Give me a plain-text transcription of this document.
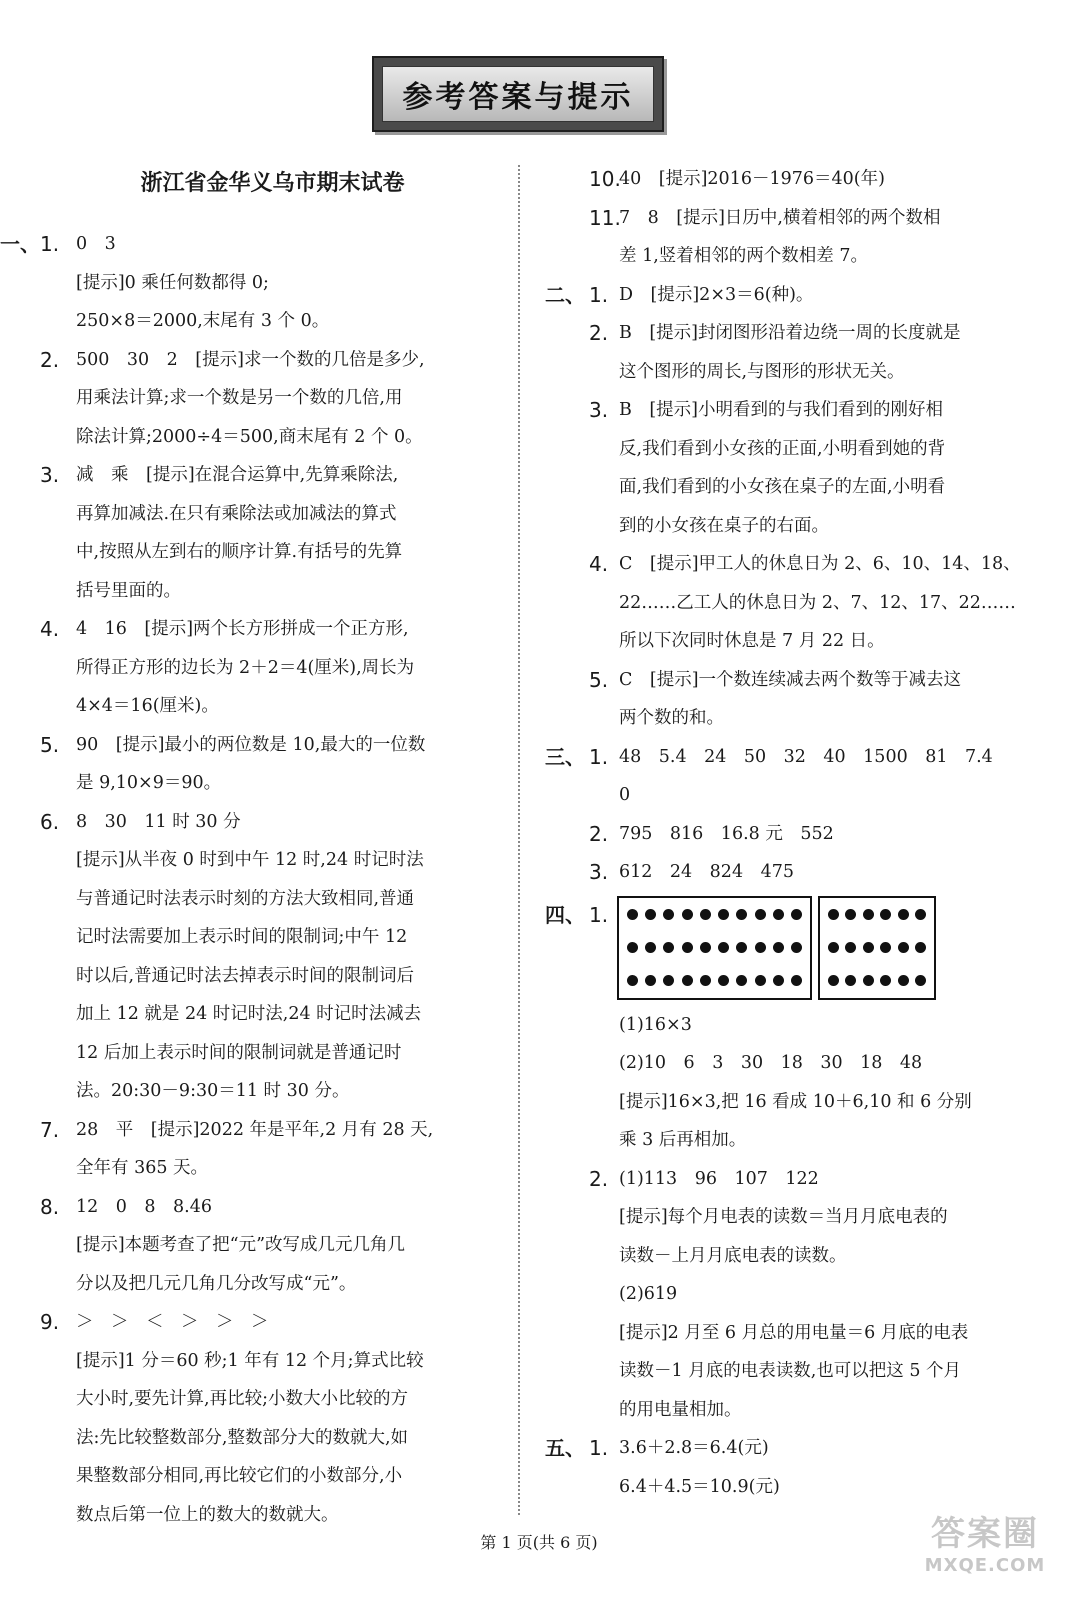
参考答案与提示
浙江省金华义乌市期末试卷
一、 1. 0　3
[提示]0 乘任何数都得 0;
250×8＝2000,末尾有 3 个 0。
2. 500　30　2　[提示]求一个数的几倍是多少,
用乘法计算;求一个数是另一个数的几倍,用
除法计算;2000÷4＝500,商末尾有 2 个 0。
3. 减　乘　[提示]在混合运算中,先算乘除法,
再算加减法.在只有乘除法或加减法的算式
中,按照从左到右的顺序计算.有括号的先算
括号里面的。
4. 4　16　[提示]两个长方形拼成一个正方形,
所得正方形的边长为 2＋2＝4(厘米),周长为
4×4＝16(厘米)。
5. 90　[提示]最小的两位数是 10,最大的一位数
是 9,10×9＝90。
6. 8　30　11 时 30 分
[提示]从半夜 0 时到中午 12 时,24 时记时法
与普通记时法表示时刻的方法大致相同,普通
记时法需要加上表示时间的限制词;中午 12
时以后,普通记时法去掉表示时间的限制词后
加上 12 就是 24 时记时法,24 时记时法减去
12 后加上表示时间的限制词就是普通记时
法。20:30－9:30＝11 时 30 分。
7. 28　平　[提示]2022 年是平年,2 月有 28 天,
全年有 365 天。
8. 12　0　8　8.46
[提示]本题考查了把“元”改写成几元几角几
分以及把几元几角几分改写成“元”。
9. ＞　＞　＜　＞　＞　＞
[提示]1 分＝60 秒;1 年有 12 个月;算式比较
大小时,要先计算,再比较;小数大小比较的方
法:先比较整数部分,整数部分大的数就大,如
果整数部分相同,再比较它们的小数部分,小
数点后第一位上的数大的数就大。
10.
40　[提示]2016－1976＝40(年)
11.
7　8　[提示]日历中,横着相邻的两个数相
差 1,竖着相邻的两个数相差 7。
二、 1. D　[提示]2×3＝6(种)。
2. B　[提示]封闭图形沿着边绕一周的长度就是
这个图形的周长,与图形的形状无关。
3. B　[提示]小明看到的与我们看到的刚好相
反,我们看到小女孩的正面,小明看到她的背
面,我们看到的小女孩在桌子的左面,小明看
到的小女孩在桌子的右面。
4. C　[提示]甲工人的休息日为 2、6、10、14、18、
22……乙工人的休息日为 2、7、12、17、22……
所以下次同时休息是 7 月 22 日。
5. C　[提示]一个数连续减去两个数等于减去这
两个数的和。
三、 1. 48　5.4　24　50　32　40　1500　81　7.4
0
2. 795　816　16.8 元　552
3. 612　24　824　475
四、 1.
(1)16×3
(2)10　6　3　30　18　30　18　48
[提示]16×3,把 16 看成 10＋6,10 和 6 分别
乘 3 后再相加。
2. (1)113　96　107　122
[提示]每个月电表的读数＝当月月底电表的
读数－上月月底电表的读数。
(2)619
[提示]2 月至 6 月总的用电量＝6 月底的电表
读数－1 月底的电表读数,也可以把这 5 个月
的用电量相加。
五、 1. 3.6＋2.8＝6.4(元)
6.4＋4.5＝10.9(元)
第 1 页(共 6 页)	答案圈
MXQE.COM
